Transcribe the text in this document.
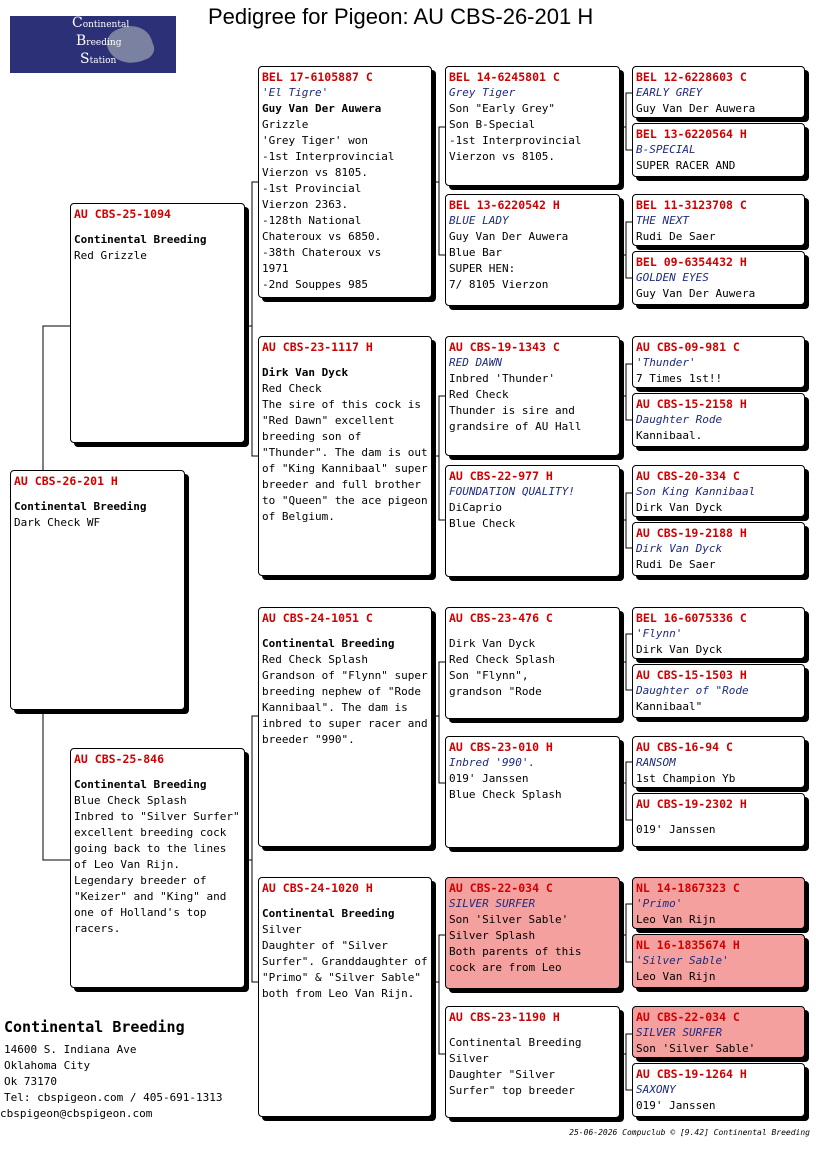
Continental
Breeding
Station
Pedigree for Pigeon: AU CBS-26-201 H
AU CBS-26-201 H
Continental Breeding
Dark Check WF
AU CBS-25-1094
Continental Breeding
Red Grizzle
AU CBS-25-846
Continental Breeding
Blue Check Splash
Inbred to "Silver Surfer" excellent breeding cock going back to the lines of Leo Van Rijn. Legendary breeder of "Keizer" and "King" and one of Holland's top racers.
BEL 17-6105887 C
'El Tigre'
Guy Van Der Auwera
Grizzle
'Grey Tiger' won
-1st Interprovincial
Vierzon vs 8105.
-1st Provincial
Vierzon 2363.
-128th National
Chateroux vs 6850.
-38th Chateroux vs
1971
-2nd Souppes 985
AU CBS-23-1117 H
Dirk Van Dyck
Red Check
The sire of this cock is "Red Dawn" excellent breeding son of "Thunder". The dam is out of "King Kannibaal" super breeder and full brother to "Queen" the ace pigeon of Belgium.
AU CBS-24-1051 C
Continental Breeding
Red Check Splash
Grandson of "Flynn" super breeding nephew of "Rode Kannibaal". The dam is inbred to super racer and breeder "990".
AU CBS-24-1020 H
Continental Breeding
Silver
Daughter of "Silver Surfer". Granddaughter of "Primo" & "Silver Sable" both from Leo Van Rijn.
BEL 14-6245801 C
Grey Tiger
Son "Early Grey"
Son B-Special
-1st Interprovincial
Vierzon vs 8105.
BEL 13-6220542 H
BLUE LADY
Guy Van Der Auwera
Blue Bar
SUPER HEN:
7/ 8105 Vierzon
AU CBS-19-1343 C
RED DAWN
Inbred 'Thunder'
Red Check
Thunder is sire and
grandsire of AU Hall
AU CBS-22-977 H
FOUNDATION QUALITY!
DiCaprio
Blue Check
AU CBS-23-476 C
Dirk Van Dyck
Red Check Splash
Son "Flynn",
grandson "Rode
AU CBS-23-010 H
Inbred '990'.
019' Janssen
Blue Check Splash
AU CBS-22-034 C
SILVER SURFER
Son 'Silver Sable'
Silver Splash
Both parents of this
cock are from Leo
AU CBS-23-1190 H
Continental Breeding
Silver
Daughter "Silver
Surfer" top breeder
BEL 12-6228603 C
EARLY GREY
Guy Van Der Auwera
BEL 13-6220564 H
B-SPECIAL
SUPER RACER AND
BEL 11-3123708 C
THE NEXT
Rudi De Saer
BEL 09-6354432 H
GOLDEN EYES
Guy Van Der Auwera
AU CBS-09-981 C
'Thunder'
7 Times 1st!!
AU CBS-15-2158 H
Daughter Rode
Kannibaal.
AU CBS-20-334 C
Son King Kannibaal
Dirk Van Dyck
AU CBS-19-2188 H
Dirk Van Dyck
Rudi De Saer
BEL 16-6075336 C
'Flynn'
Dirk Van Dyck
AU CBS-15-1503 H
Daughter of "Rode
Kannibaal"
AU CBS-16-94 C
RANSOM
1st Champion Yb
AU CBS-19-2302 H
019' Janssen
NL 14-1867323 C
'Primo'
Leo Van Rijn
NL 16-1835674 H
'Silver Sable'
Leo Van Rijn
AU CBS-22-034 C
SILVER SURFER
Son 'Silver Sable'
AU CBS-19-1264 H
SAXONY
019' Janssen
Continental Breeding
14600 S. Indiana Ave
Oklahoma City
Ok 73170
Tel: cbspigeon.com / 405-691-1313
cbspigeon@cbspigeon.com
25-06-2026 Compuclub © [9.42] Continental Breeding
